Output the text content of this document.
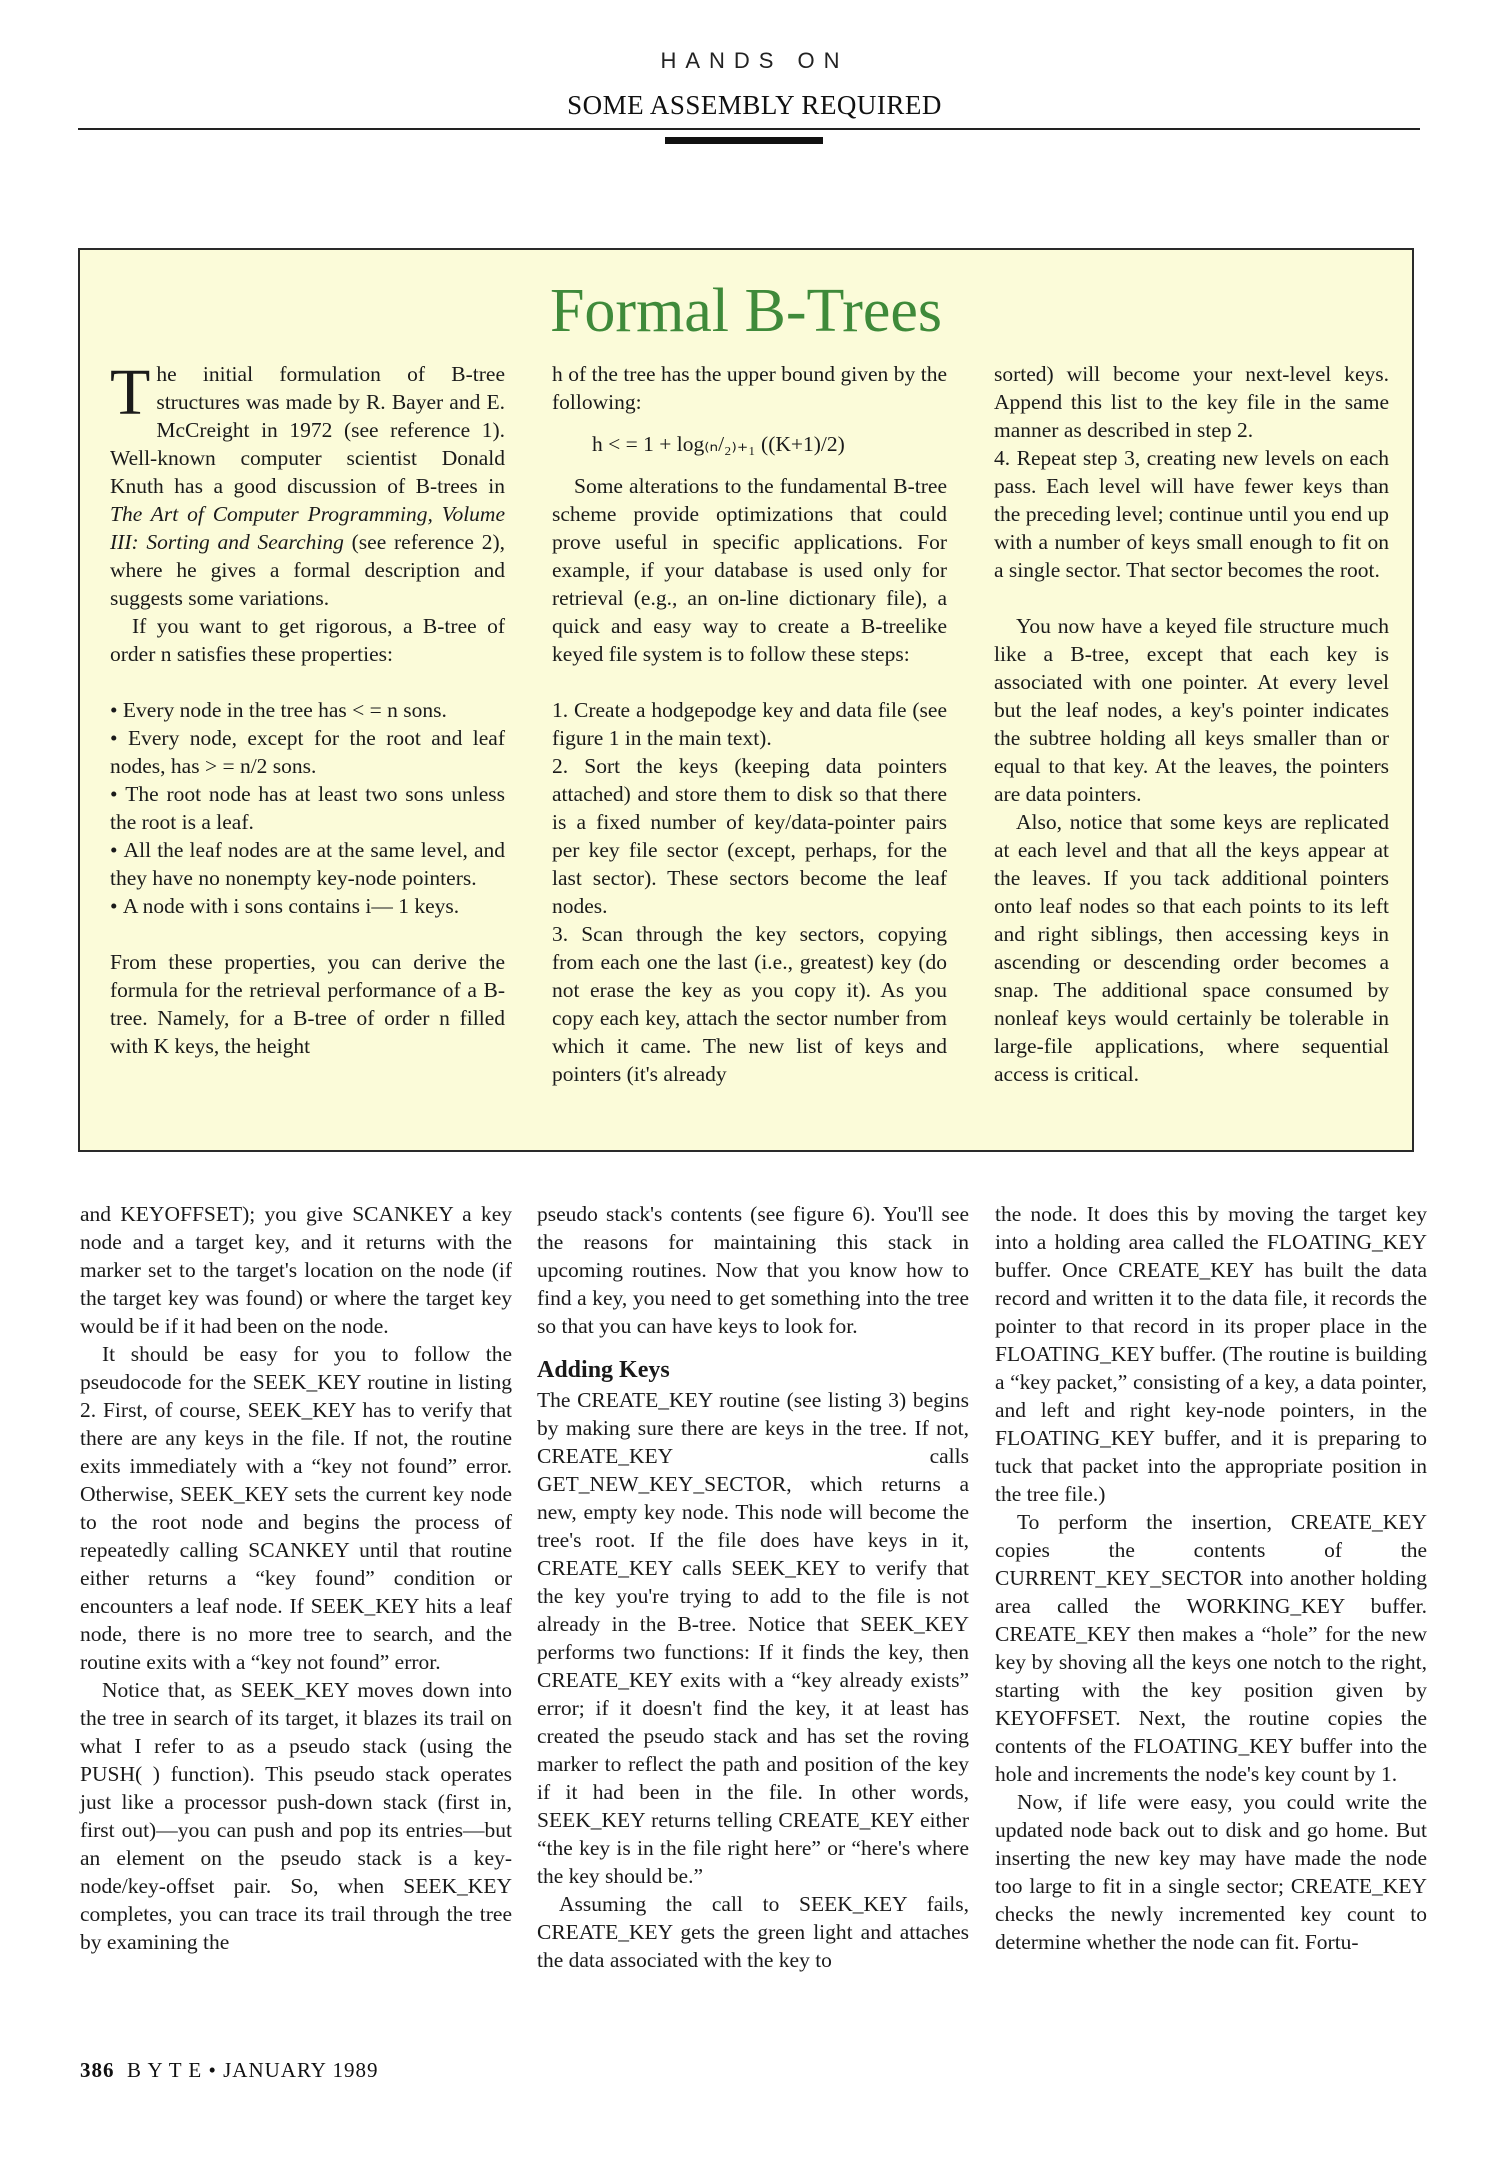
HANDS ON
SOME ASSEMBLY REQUIRED
Formal B-Trees

The initial formulation of B-tree structures was made by R. Bayer and E. McCreight in 1972 (see reference 1). Well-known computer scientist Donald Knuth has a good discussion of B-trees in The Art of Computer Programming, Volume III: Sorting and Searching (see reference 2), where he gives a formal description and suggests some variations.

If you want to get rigorous, a B-tree of order n satisfies these properties:

• Every node in the tree has < = n sons.

• Every node, except for the root and leaf nodes, has > = n/2 sons.

• The root node has at least two sons unless the root is a leaf.

• All the leaf nodes are at the same level, and they have no nonempty key-node pointers.

• A node with i sons contains i— 1 keys.

From these properties, you can derive the formula for the retrieval performance of a B-tree. Namely, for a B-tree of order n filled with K keys, the height

h of the tree has the upper bound given by the following:

h < = 1 + log₍ₙ/₂₎₊₁ ((K+1)/2)

Some alterations to the fundamental B-tree scheme provide optimizations that could prove useful in specific applications. For example, if your database is used only for retrieval (e.g., an on-line dictionary file), a quick and easy way to create a B-treelike keyed file system is to follow these steps:

1. Create a hodgepodge key and data file (see figure 1 in the main text).

2. Sort the keys (keeping data pointers attached) and store them to disk so that there is a fixed number of key/data-pointer pairs per key file sector (except, perhaps, for the last sector). These sectors become the leaf nodes.

3. Scan through the key sectors, copying from each one the last (i.e., greatest) key (do not erase the key as you copy it). As you copy each key, attach the sector number from which it came. The new list of keys and pointers (it's already

sorted) will become your next-level keys. Append this list to the key file in the same manner as described in step 2.

4. Repeat step 3, creating new levels on each pass. Each level will have fewer keys than the preceding level; continue until you end up with a number of keys small enough to fit on a single sector. That sector becomes the root.

You now have a keyed file structure much like a B-tree, except that each key is associated with one pointer. At every level but the leaf nodes, a key's pointer indicates the subtree holding all keys smaller than or equal to that key. At the leaves, the pointers are data pointers.

Also, notice that some keys are replicated at each level and that all the keys appear at the leaves. If you tack additional pointers onto leaf nodes so that each points to its left and right siblings, then accessing keys in ascending or descending order becomes a snap. The additional space consumed by nonleaf keys would certainly be tolerable in large-file applications, where sequential access is critical.

and KEYOFFSET); you give SCANKEY a key node and a target key, and it returns with the marker set to the target's location on the node (if the target key was found) or where the target key would be if it had been on the node.

It should be easy for you to follow the pseudocode for the SEEK_KEY routine in listing 2. First, of course, SEEK_KEY has to verify that there are any keys in the file. If not, the routine exits immediately with a “key not found” error. Otherwise, SEEK_KEY sets the current key node to the root node and begins the process of repeatedly calling SCANKEY until that routine either returns a “key found” condition or encounters a leaf node. If SEEK_KEY hits a leaf node, there is no more tree to search, and the routine exits with a “key not found” error.

Notice that, as SEEK_KEY moves down into the tree in search of its target, it blazes its trail on what I refer to as a pseudo stack (using the PUSH( ) function). This pseudo stack operates just like a processor push-down stack (first in, first out)—you can push and pop its entries—but an element on the pseudo stack is a key-node/key-offset pair. So, when SEEK_KEY completes, you can trace its trail through the tree by examining the

pseudo stack's contents (see figure 6). You'll see the reasons for maintaining this stack in upcoming routines. Now that you know how to find a key, you need to get something into the tree so that you can have keys to look for.

Adding Keys

The CREATE_KEY routine (see listing 3) begins by making sure there are keys in the tree. If not, CREATE_KEY calls GET_NEW_KEY_SECTOR, which returns a new, empty key node. This node will become the tree's root. If the file does have keys in it, CREATE_KEY calls SEEK_KEY to verify that the key you're trying to add to the file is not already in the B-tree. Notice that SEEK_KEY performs two functions: If it finds the key, then CREATE_KEY exits with a “key already exists” error; if it doesn't find the key, it at least has created the pseudo stack and has set the roving marker to reflect the path and position of the key if it had been in the file. In other words, SEEK_KEY returns telling CREATE_KEY either “the key is in the file right here” or “here's where the key should be.”

Assuming the call to SEEK_KEY fails, CREATE_KEY gets the green light and attaches the data associated with the key to

the node. It does this by moving the target key into a holding area called the FLOATING_KEY buffer. Once CREATE_KEY has built the data record and written it to the data file, it records the pointer to that record in its proper place in the FLOATING_KEY buffer. (The routine is building a “key packet,” consisting of a key, a data pointer, and left and right key-node pointers, in the FLOATING_KEY buffer, and it is preparing to tuck that packet into the appropriate position in the tree file.)

To perform the insertion, CREATE_KEY copies the contents of the CURRENT_KEY_SECTOR into another holding area called the WORKING_KEY buffer. CREATE_KEY then makes a “hole” for the new key by shoving all the keys one notch to the right, starting with the key position given by KEYOFFSET. Next, the routine copies the contents of the FLOATING_KEY buffer into the hole and increments the node's key count by 1.

Now, if life were easy, you could write the updated node back out to disk and go home. But inserting the new key may have made the node too large to fit in a single sector; CREATE_KEY checks the newly incremented key count to determine whether the node can fit. Fortu-

386 B Y T E • JANUARY 1989
